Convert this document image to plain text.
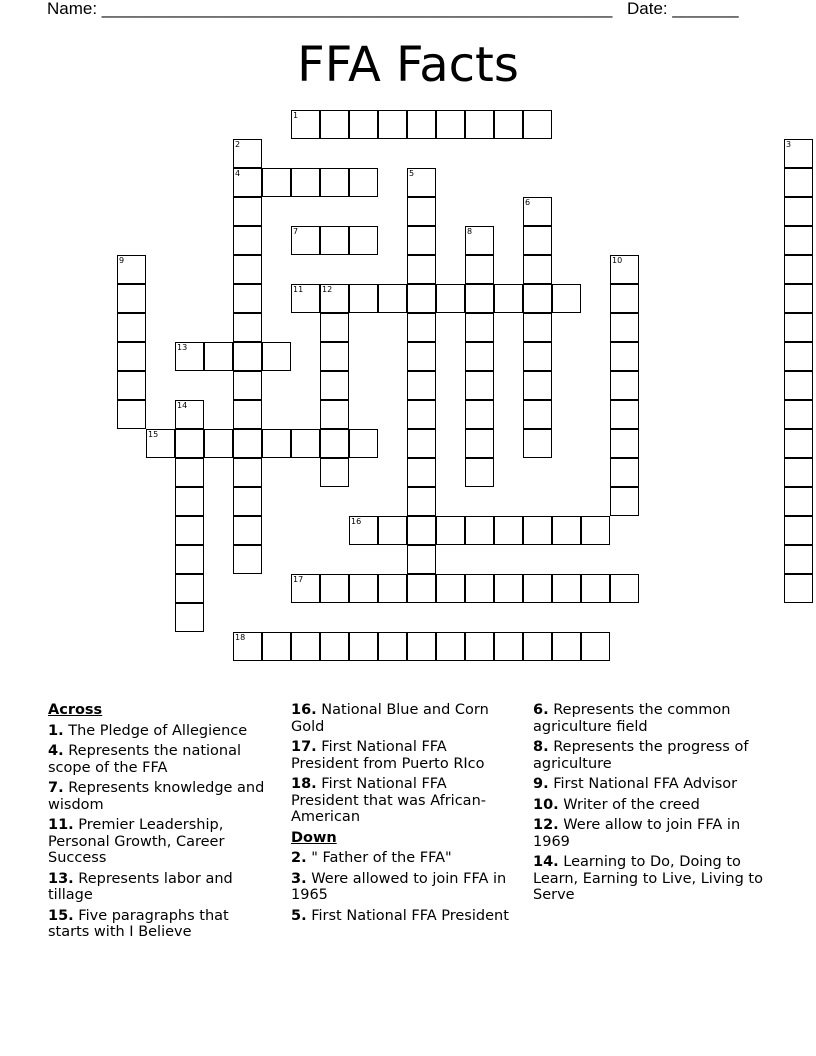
Name: ______________________________________________________ Date: _______
FFA Facts
1
2
4
3
5
6
7	8
9	10
11 12
13
14
15
16
17
18
Across
1. The Pledge of Allegience
4. Represents the national scope of the FFA
7. Represents knowledge and wisdom
11. Premier Leadership, Personal Growth, Career Success
13. Represents labor and tillage
15. Five paragraphs that starts with I Believe
16. National Blue and Corn Gold
17. First National FFA President from Puerto RIco
18. First National FFA President that was African-American
Down
2. " Father of the FFA"
3. Were allowed to join FFA in 1965
5. First National FFA President
6. Represents the common agriculture field
8. Represents the progress of agriculture
9. First National FFA Advisor
10. Writer of the creed
12. Were allow to join FFA in 1969
14. Learning to Do, Doing to Learn, Earning to Live, Living to Serve
